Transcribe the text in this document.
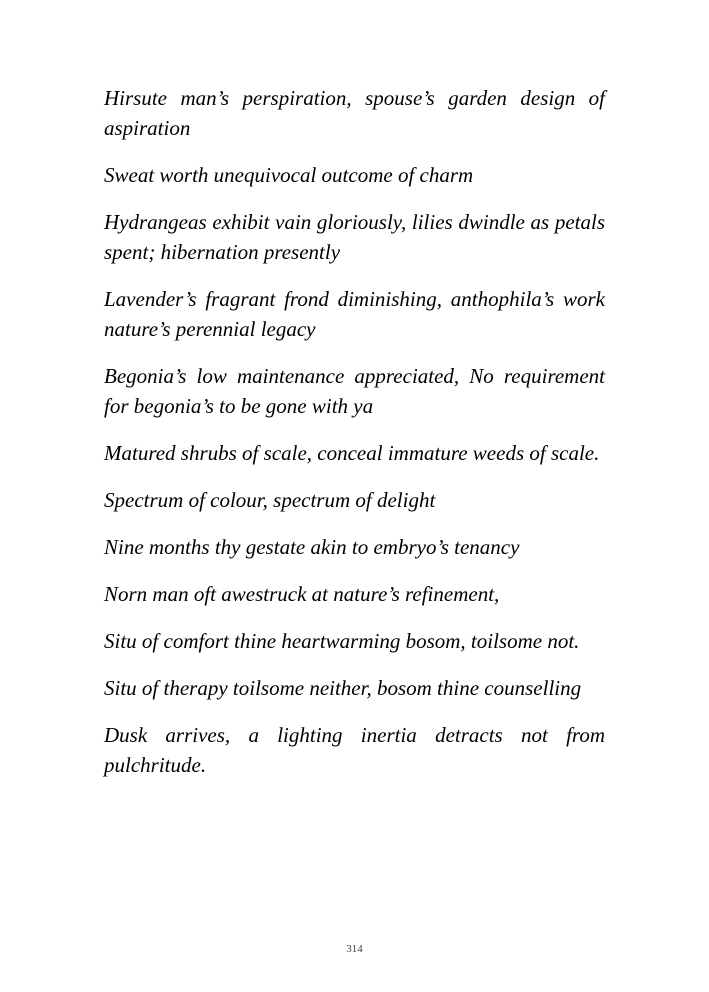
Hirsute man’s perspiration, spouse’s garden design of aspiration

Sweat worth unequivocal outcome of charm

Hydrangeas exhibit vain gloriously, lilies dwindle as petals spent; hibernation presently

Lavender’s fragrant frond diminishing, anthophila’s work nature’s perennial legacy

Begonia’s low maintenance appreciated, No requirement for begonia’s to be gone with ya

Matured shrubs of scale, conceal immature weeds of scale.

Spectrum of colour, spectrum of delight

Nine months thy gestate akin to embryo’s tenancy

Norn man oft awestruck at nature’s refinement,

Situ of comfort thine heartwarming bosom, toilsome not.

Situ of therapy toilsome neither, bosom thine counselling

Dusk arrives, a lighting inertia detracts not from pulchritude.

314
